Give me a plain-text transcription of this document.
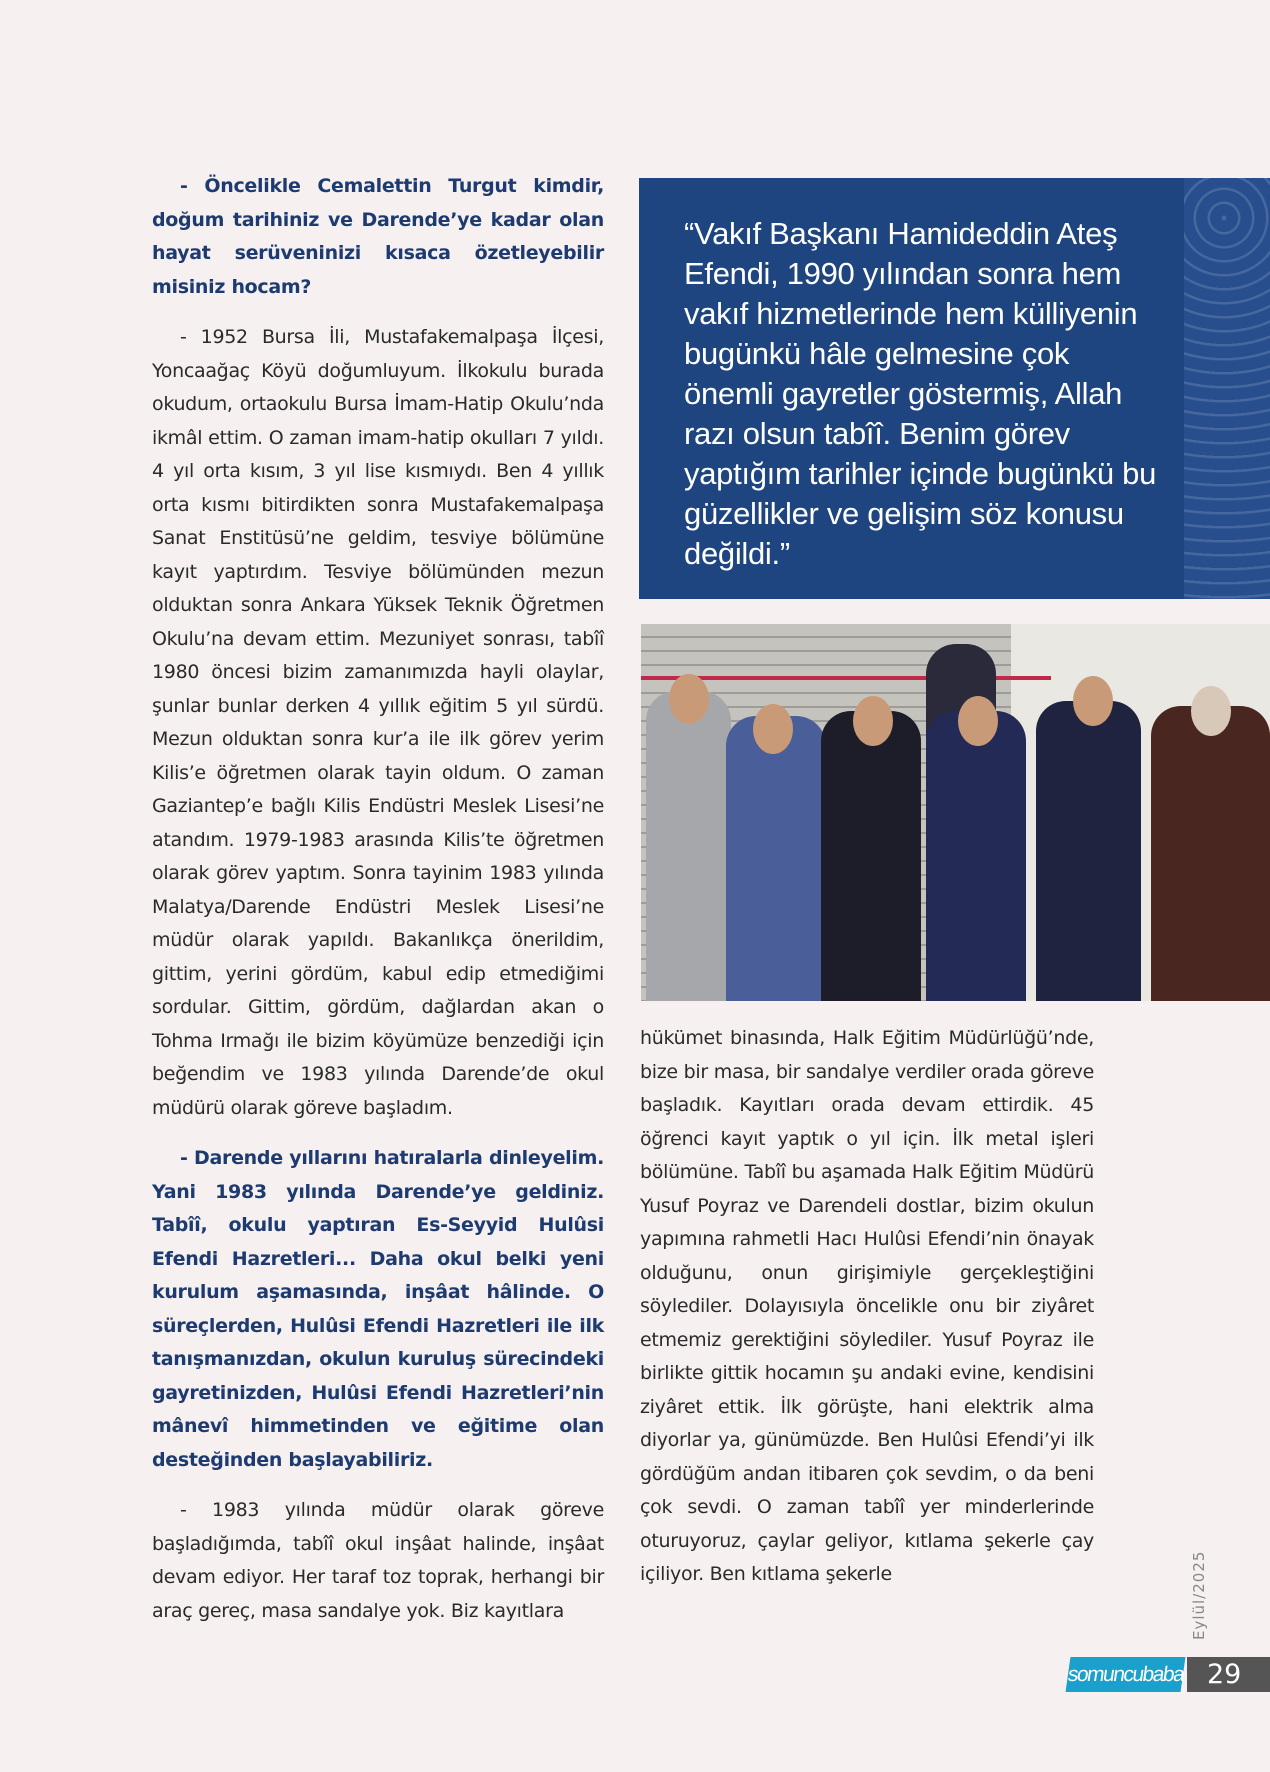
- Öncelikle Cemalettin Turgut kimdir, doğum tarihiniz ve Darende’ye kadar olan hayat serüveninizi kısaca özetleyebilir misiniz hocam?

- 1952 Bursa İli, Mustafakemalpaşa İlçesi, Yoncaağaç Köyü doğumluyum. İlkokulu burada okudum, ortaokulu Bursa İmam-Hatip Okulu’nda ikmâl ettim. O zaman imam-hatip okulları 7 yıldı. 4 yıl orta kısım, 3 yıl lise kısmıydı. Ben 4 yıllık orta kısmı bitirdikten sonra Mustafakemalpaşa Sanat Enstitüsü’ne geldim, tesviye bölümüne kayıt yaptırdım. Tesviye bölümünden mezun olduktan sonra Ankara Yüksek Teknik Öğretmen Okulu’na devam ettim. Mezuniyet sonrası, tabîî 1980 öncesi bizim zamanımızda hayli olaylar, şunlar bunlar derken 4 yıllık eğitim 5 yıl sürdü. Mezun olduktan sonra kur’a ile ilk görev yerim Kilis’e öğretmen olarak tayin oldum. O zaman Gaziantep’e bağlı Kilis Endüstri Meslek Lisesi’ne atandım. 1979-1983 arasında Kilis’te öğretmen olarak görev yaptım. Sonra tayinim 1983 yılında Malatya/Darende Endüstri Meslek Lisesi’ne müdür olarak yapıldı. Bakanlıkça önerildim, gittim, yerini gördüm, kabul edip etmediğimi sordular. Gittim, gördüm, dağlardan akan o Tohma Irmağı ile bizim köyümüze benzediği için beğendim ve 1983 yılında Darende’de okul müdürü olarak göreve başladım.

- Darende yıllarını hatıralarla dinleyelim. Yani 1983 yılında Darende’ye geldiniz. Tabîî, okulu yaptıran Es-Seyyid Hulûsi Efendi Hazretleri... Daha okul belki yeni kurulum aşamasında, inşâat hâlinde. O süreçlerden, Hulûsi Efendi Hazretleri ile ilk tanışmanızdan, okulun kuruluş sürecindeki gayretinizden, Hulûsi Efendi Hazretleri’nin mânevî himmetinden ve eğitime olan desteğinden başlayabiliriz.

- 1983 yılında müdür olarak göreve başladığımda, tabîî okul inşâat halinde, inşâat devam ediyor. Her taraf toz toprak, herhangi bir araç gereç, masa sandalye yok. Biz kayıtlara

“Vakıf Başkanı Hamideddin Ateş Efendi, 1990 yılından sonra hem vakıf hizmetlerinde hem külliyenin bugünkü hâle gelmesine çok önemli gayretler göstermiş, Allah razı olsun tabîî. Benim görev yaptığım tarihler içinde bugünkü bu güzellikler ve gelişim söz konusu değildi.”

hükümet binasında, Halk Eğitim Müdürlüğü’nde, bize bir masa, bir sandalye verdiler orada göreve başladık. Kayıtları orada devam ettirdik. 45 öğrenci kayıt yaptık o yıl için. İlk metal işleri bölümüne. Tabîî bu aşamada Halk Eğitim Müdürü Yusuf Poyraz ve Darendeli dostlar, bizim okulun yapımına rahmetli Hacı Hulûsi Efendi’nin önayak olduğunu, onun girişimiyle gerçekleştiğini söylediler. Dolayısıyla öncelikle onu bir ziyâret etmemiz gerektiğini söylediler. Yusuf Poyraz ile birlikte gittik hocamın şu andaki evine, kendisini ziyâret ettik. İlk görüşte, hani elektrik alma diyorlar ya, günümüzde. Ben Hulûsi Efendi’yi ilk gördüğüm andan itibaren çok sevdim, o da beni çok sevdi. O zaman tabîî yer minderlerinde oturuyoruz, çaylar geliyor, kıtlama şekerle çay içiliyor. Ben kıtlama şekerle	Eylül/2025
somuncubaba 29
